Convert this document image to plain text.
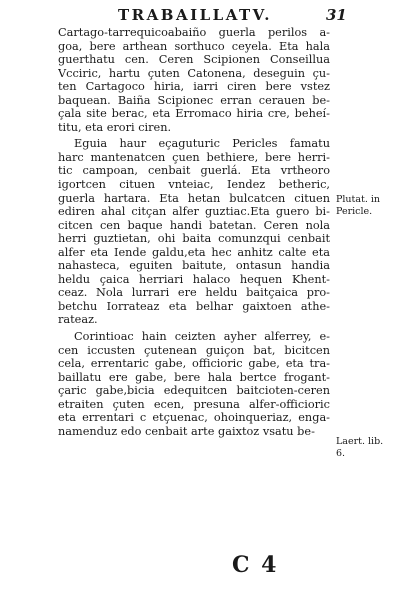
TRABAILLATV.	31
Cartago-tarrequicoabaiño guerla perilos a-
goa, bere arthean sorthuco ceyela. Eta hala
guerthatu cen. Ceren Scipionen Conseillua
Vcciric, hartu çuten Catonena, deseguin çu-
ten Cartagoco hiria, iarri ciren bere vstez
baquean. Baiña Scipionec erran cerauen be-
çala site berac, eta Erromaco hiria cre, beheí-
titu, eta erori ciren.
Eguia haur eçaguturic Pericles famatu
harc mantenatcen çuen bethiere, bere herri-
tic campoan, cenbait guerlá. Eta vrtheoro
igortcen cituen vnteiac, Iendez betheric,
guerla hartara. Eta hetan bulcatcen cituen
ediren ahal citçan alfer guztiac.Eta guero bi-
citcen cen baque handi batetan. Ceren nola
herri guztietan, ohi baita comunzqui cenbait
alfer eta Iende galdu,eta hec anhitz calte eta
nahasteca, eguiten baitute, ontasun handia
heldu çaica herriari halaco hequen Khent-
ceaz. Nola lurrari ere heldu baitçaica pro-
betchu Iorrateaz eta belhar gaixtoen athe-
rateaz.
Corintioac hain ceizten ayher alferrey, e-
cen iccusten çutenean guiçon bat, bicitcen
cela, errentaric gabe, officioric gabe, eta tra-
baillatu ere gabe, bere hala bertce frogant-
çaric gabe,bicia edequitcen baitcioten-ceren
etraiten çuten ecen, presuna alfer-officioric
eta errentari c etçuenac, ohoinqueriaz, enga-
namenduz edo cenbait arte gaixtoz vsatu be-
Plutat. in
Pericle.
Laert. lib.
6.
C 4
